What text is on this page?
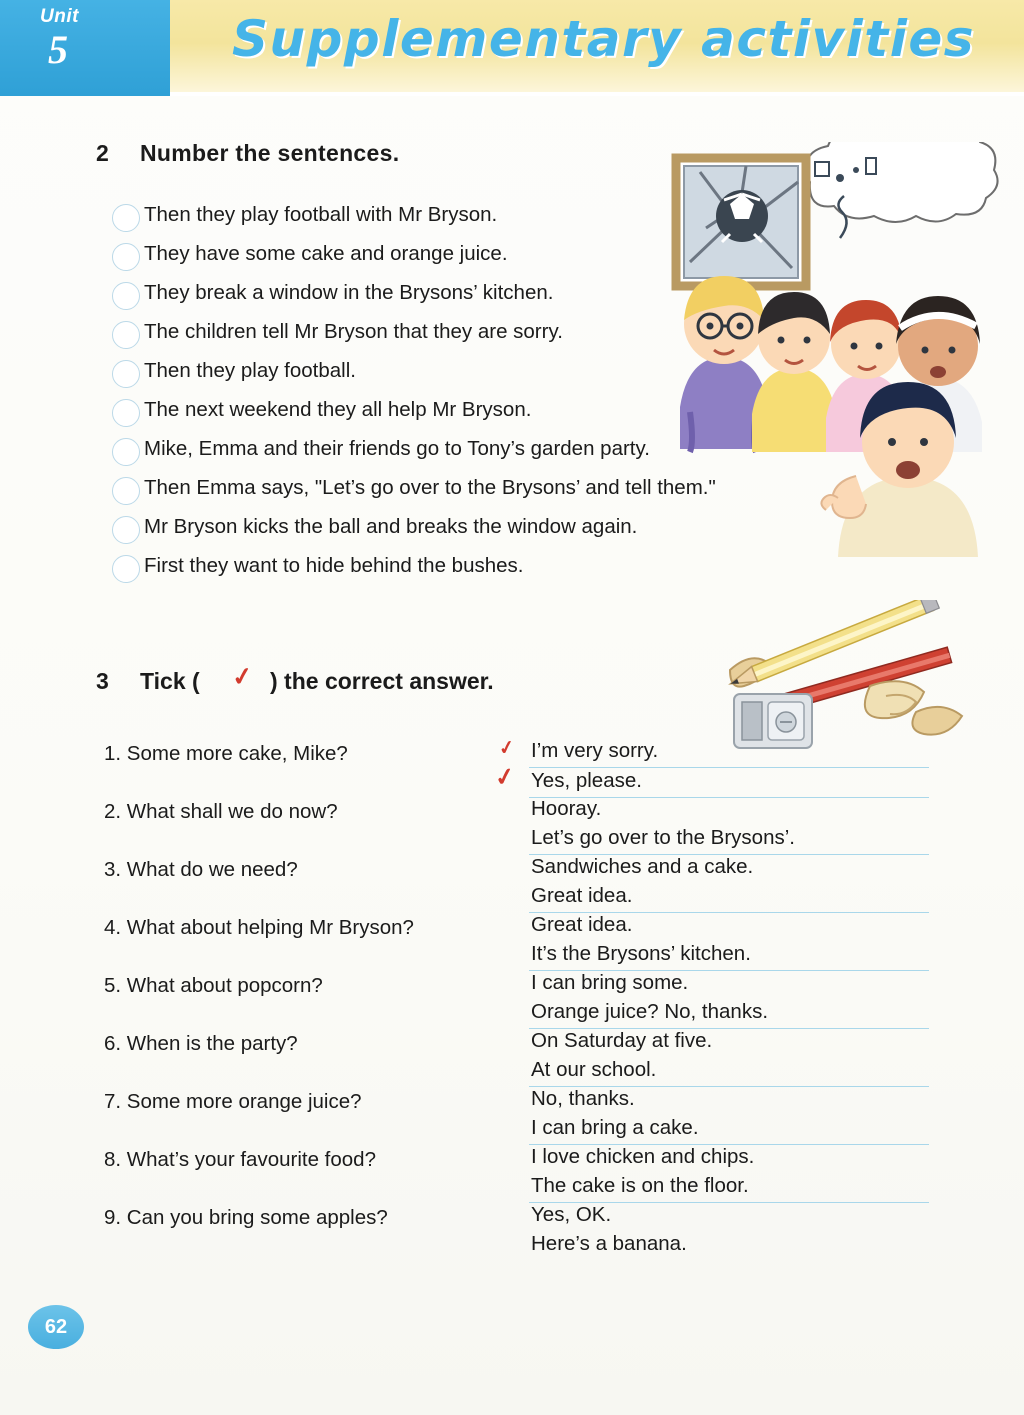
Unit
5	Supplementary activities
2 Number the sentences.
Then they play football with Mr Bryson.
They have some cake and orange juice.
They break a window in the Brysons’ kitchen.
The children tell Mr Bryson that they are sorry.
Then they play football.
The next weekend they all help Mr Bryson.
Mike, Emma and their friends go to Tony’s garden party.
Then Emma says, "Let’s go over to the Brysons’ and tell them."
Mr Bryson kicks the ball and breaks the window again.
First they want to hide behind the bushes.
3 Tick ( ✓ ) the correct answer.
1. Some more cake, Mike?	✓ I’m very sorry.
✓ Yes, please.
2. What shall we do now?	Hooray.
Let’s go over to the Brysons’.
3. What do we need?	Sandwiches and a cake.
Great idea.
4. What about helping Mr Bryson?	Great idea.
It’s the Brysons’ kitchen.
5. What about popcorn?	I can bring some.
Orange juice? No, thanks.
6. When is the party?	On Saturday at five.
At our school.
7. Some more orange juice?	No, thanks.
I can bring a cake.
8. What’s your favourite food?	I love chicken and chips.
The cake is on the floor.
9. Can you bring some apples?	Yes, OK.
Here’s a banana.
62
